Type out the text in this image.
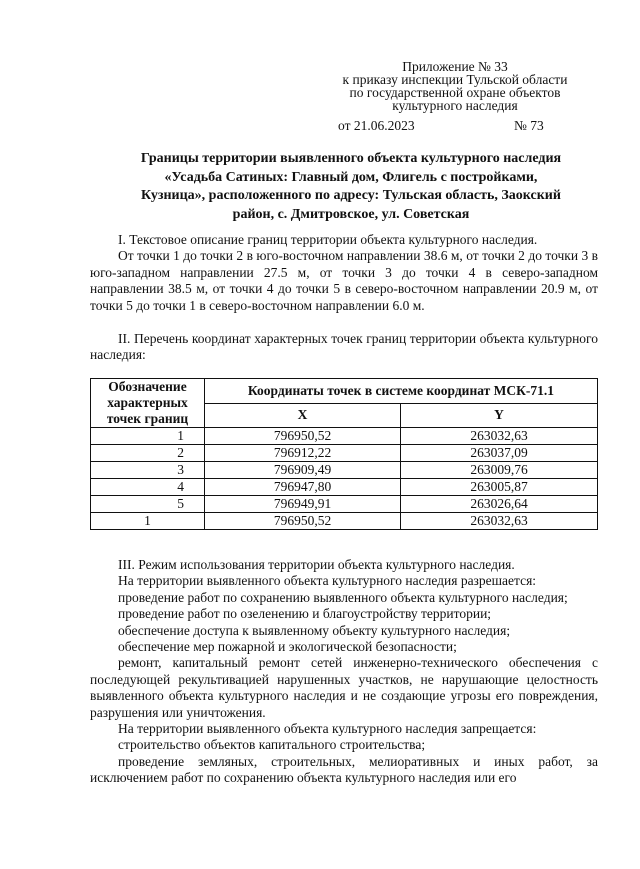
Приложение № 33
к приказу инспекции Тульской области
по государственной охране объектов
культурного наследия
от 21.06.2023	№ 73
Границы территории выявленного объекта культурного наследия
«Усадьба Сатиных: Главный дом, Флигель с постройками,
Кузница», расположенного по адресу: Тульская область, Заокский
район, с. Дмитровское, ул. Советская

I. Текстовое описание границ территории объекта культурного наследия.

От точки 1 до точки 2 в юго-восточном направлении 38.6 м, от точки 2 до точки 3 в юго-западном направлении 27.5 м, от точки 3 до точки 4 в северо-западном направлении 38.5 м, от точки 4 до точки 5 в северо-восточном направлении 20.9 м, от точки 5 до точки 1 в северо-восточном направлении 6.0 м.

II. Перечень координат характерных точек границ территории объекта культурного наследия:

Обозначение характерных точек границ	Координаты точек в системе координат МСК-71.1	
	X	Y
1	796950,52	263032,63
2	796912,22	263037,09
3	796909,49	263009,76
4	796947,80	263005,87
5	796949,91	263026,64
1	796950,52	263032,63

III. Режим использования территории объекта культурного наследия.

На территории выявленного объекта культурного наследия разрешается:

проведение работ по сохранению выявленного объекта культурного наследия;

проведение работ по озеленению и благоустройству территории;

обеспечение доступа к выявленному объекту культурного наследия;

обеспечение мер пожарной и экологической безопасности;

ремонт, капитальный ремонт сетей инженерно-технического обеспечения с последующей рекультивацией нарушенных участков, не нарушающие целостность выявленного объекта культурного наследия и не создающие угрозы его повреждения, разрушения или уничтожения.

На территории выявленного объекта культурного наследия запрещается:

строительство объектов капитального строительства;

проведение земляных, строительных, мелиоративных и иных работ, за исключением работ по сохранению объекта культурного наследия или его
